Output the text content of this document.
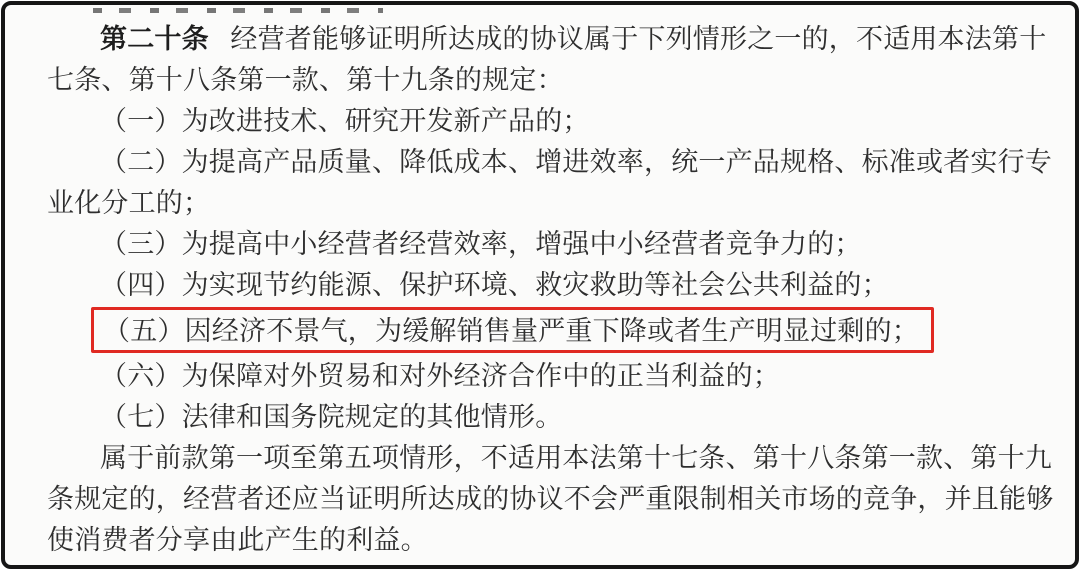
第二十条 经营者能够证明所达成的协议属于下列情形之一的，不适用本法第十
七条、第十八条第一款、第十九条的规定：
（一）为改进技术、研究开发新产品的；
（二）为提高产品质量、降低成本、增进效率，统一产品规格、标准或者实行专
业化分工的；
（三）为提高中小经营者经营效率，增强中小经营者竞争力的；
（四）为实现节约能源、保护环境、救灾救助等社会公共利益的；
（五）因经济不景气，为缓解销售量严重下降或者生产明显过剩的；
（六）为保障对外贸易和对外经济合作中的正当利益的；
（七）法律和国务院规定的其他情形。
属于前款第一项至第五项情形，不适用本法第十七条、第十八条第一款、第十九
条规定的，经营者还应当证明所达成的协议不会严重限制相关市场的竞争，并且能够
使消费者分享由此产生的利益。
